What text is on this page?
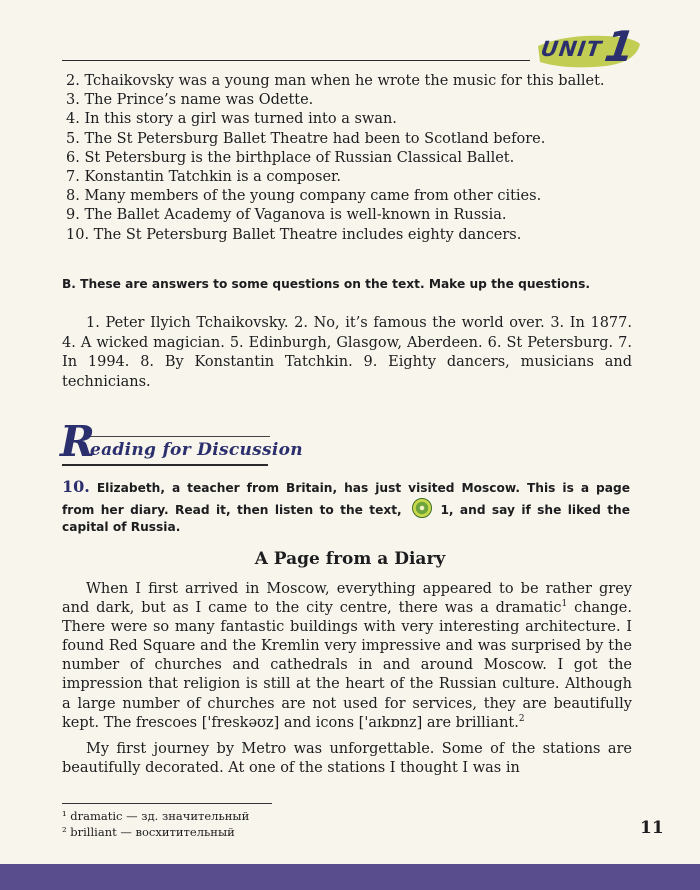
UNIT
1
2. Tchaikovsky was a young man when he wrote the music for this ballet.
3. The Prince’s name was Odette.
4. In this story a girl was turned into a swan.
5. The St Petersburg Ballet Theatre had been to Scotland before.
6. St Petersburg is the birthplace of Russian Classical Ballet.
7. Konstantin Tatchkin is a composer.
8. Many members of the young company came from other cities.
9. The Ballet Academy of Vaganova is well-known in Russia.
10. The St Petersburg Ballet Theatre includes eighty dancers.
B. These are answers to some questions on the text. Make up the questions.

1. Peter Ilyich Tchaikovsky. 2. No, it’s famous the world over. 3. In 1877. 4. A wicked magician. 5. Edinburgh, Glasgow, Aberdeen. 6. St Petersburg. 7. In 1994. 8. By Konstantin Tatchkin. 9. Eighty dancers, musicians and technicians.

R
eading for Discussion
10. Elizabeth, a teacher from Britain, has just visited Moscow. This is a page from her diary. Read it, then listen to the text,	1, and say if she liked the capital of Russia.
A Page from a Diary

When I first arrived in Moscow, everything appeared to be rather grey and dark, but as I came to the city centre, there was a dramatic$^1$ change. There were so many fantastic buildings with very interesting architecture. I found Red Square and the Kremlin very impressive and was surprised by the number of churches and cathedrals in and around Moscow. I got the impression that religion is still at the heart of the Russian culture. Although a large number of churches are not used for services, they are beautifully kept. The frescoes ['freskəʊz] and icons ['aɪkɒnz] are brilliant.$^2$

My first journey by Metro was unforgettable. Some of the stations are beautifully decorated. At one of the stations I thought I was in

¹ dramatic — зд. значительный
² brilliant — восхитительный	11
